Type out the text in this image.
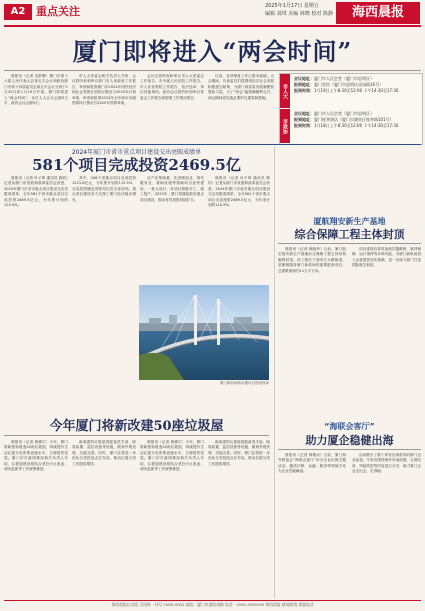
A2 重点关注	2025年1月17日 星期五
编辑 刘琪 美编 林晓 校对 陈静	海西晨报
厦门即将进入“两会时间”

晨报讯（记者 吴舒琳）厦门市第十六届人民代表大会第五次会议和政协厦门市第十四届委员会第五次会议分别于1月20日和1月19日开幕，厦门即将进入“两会时间”。本次人大会议会期3天半，政协会议会期3天。

市人大常委会相关负责人介绍，会议将听取和审议厦门市人民政府工作报告，审查和批准厦门市2024年国民经济和社会发展计划执行情况与2025年计划草案，审查和批准2024年全市和市本级预算执行情况与2025年预算草案。

会议还将听取和审议市人大常委会工作报告、市中级人民法院工作报告、市人民检察院工作报告，依法选举，审议其他事项。政协会议将听取和审议常委会工作报告和提案工作情况报告。

目前，各项筹备工作已基本就绪。大会期间，代表委员们将围绕经济社会发展积极建言献策，为厦门高质量发展凝聚智慧和力量。为了“两会”能圆满顺利召开，两会期间将实施必要的交通管制措施。	市人大
会议地址：厦门市人民会堂（厦门市思明区）
报到地址：厦门宾馆（厦门市思明区虎园路16号）
报到时间：1月19日上午8:30至12:00 下午14:30至17:30
市政协
会议地址：厦门市人民会堂（厦门市思明区）
报到地址：厦门悦华酒店（厦门市湖里区悦华路101号）
报到时间：1月18日上午8:30至12:00 下午14:30至17:30
2024年厦门市省市重点项目建设交出亮眼成绩单
581个项目完成投资2469.5亿

晨报讯（记者 叶子琦 通讯员 顾钧）记者从厦门市发展和改革委员会获悉，2024年厦门市省市重点项目建设交出亮眼成绩单，全年581个省市重点项目完成投资2469.5亿元，为年度计划的110.9%。

其中，206个省重点项目完成投资1221.6亿元，为年度计划的115.5%，完成投资额及进度均位居全省前列。重点项目建设有力支撑了厦门经济稳步增长。

从产业领域看，先进制造业、现代服务业、基础设施等领域项目加快建设，一批大项目、好项目相继开工、竣工投产。2025年，厦门将继续抓好重点项目建设，推动有效投资持续扩大。

晨报讯（记者 叶子琦 通讯员 顾钧）记者从厦门市发展和改革委员会获悉，2024年厦门市省市重点项目建设交出亮眼成绩单，全年581个省市重点项目完成投资2469.5亿元，为年度计划的110.9%。

厦门新机场航站楼项目建设现场
厦航翔安新生产基地
综合保障工程主体封顶

晨报讯（记者 林晓丹）日前，厦门航空翔安新生产基地综合保障工程主体结构顺利封顶。该工程位于翔安区大嶝街道，是厦航服务厦门新机场的重要配套项目，总建筑面积约11万平方米。

项目建成后将具备航空器维修、航材保障、运行指挥等多种功能，为厦门新机场投入运营提供坚实保障，进一步助力厦门打造国际航空枢纽。

今年厦门将新改建50座垃圾屋

晨报讯（记者 黄镇宇）今年，厦门将新建和改造50座垃圾屋，持续提升生活垃圾分类收集设施水平，方便居民投放。厦门市市政园林局相关负责人介绍，垃圾屋建设将结合老旧小区改造、城市更新等工作统筹推进。

新改建的垃圾屋将配备洗手池、除臭装置、监控设备等设施，做到外观美观、功能完善。同时，厦门还将进一步优化分类投放点位布局，推动垃圾分类工作提质增效。

晨报讯（记者 黄镇宇）今年，厦门将新建和改造50座垃圾屋，持续提升生活垃圾分类收集设施水平，方便居民投放。厦门市市政园林局相关负责人介绍，垃圾屋建设将结合老旧小区改造、城市更新等工作统筹推进。

新改建的垃圾屋将配备洗手池、除臭装置、监控设备等设施，做到外观美观、功能完善。同时，厦门还将进一步优化分类投放点位布局，推动垃圾分类工作提质增效。

“海联会客厅”
助力厦企稳健出海

晨报讯（记者 林雅贞）日前，厦门海外联谊会“海联会客厅”举办企业出海主题活动，邀请法律、金融、税务等领域专家为企业答疑解惑。

活动吸引了数十家有出海需求的厦门企业参加。专家们围绕海外市场拓展、合规经营、风险防范等内容进行分享，助力厦门企业走出去、走得稳。

海西晨报社出版 全国统一刊号 CN35-0052 地址：厦门市湖滨南路 电话：0592-5555555 海西晨报 新闻热线 客服电话
